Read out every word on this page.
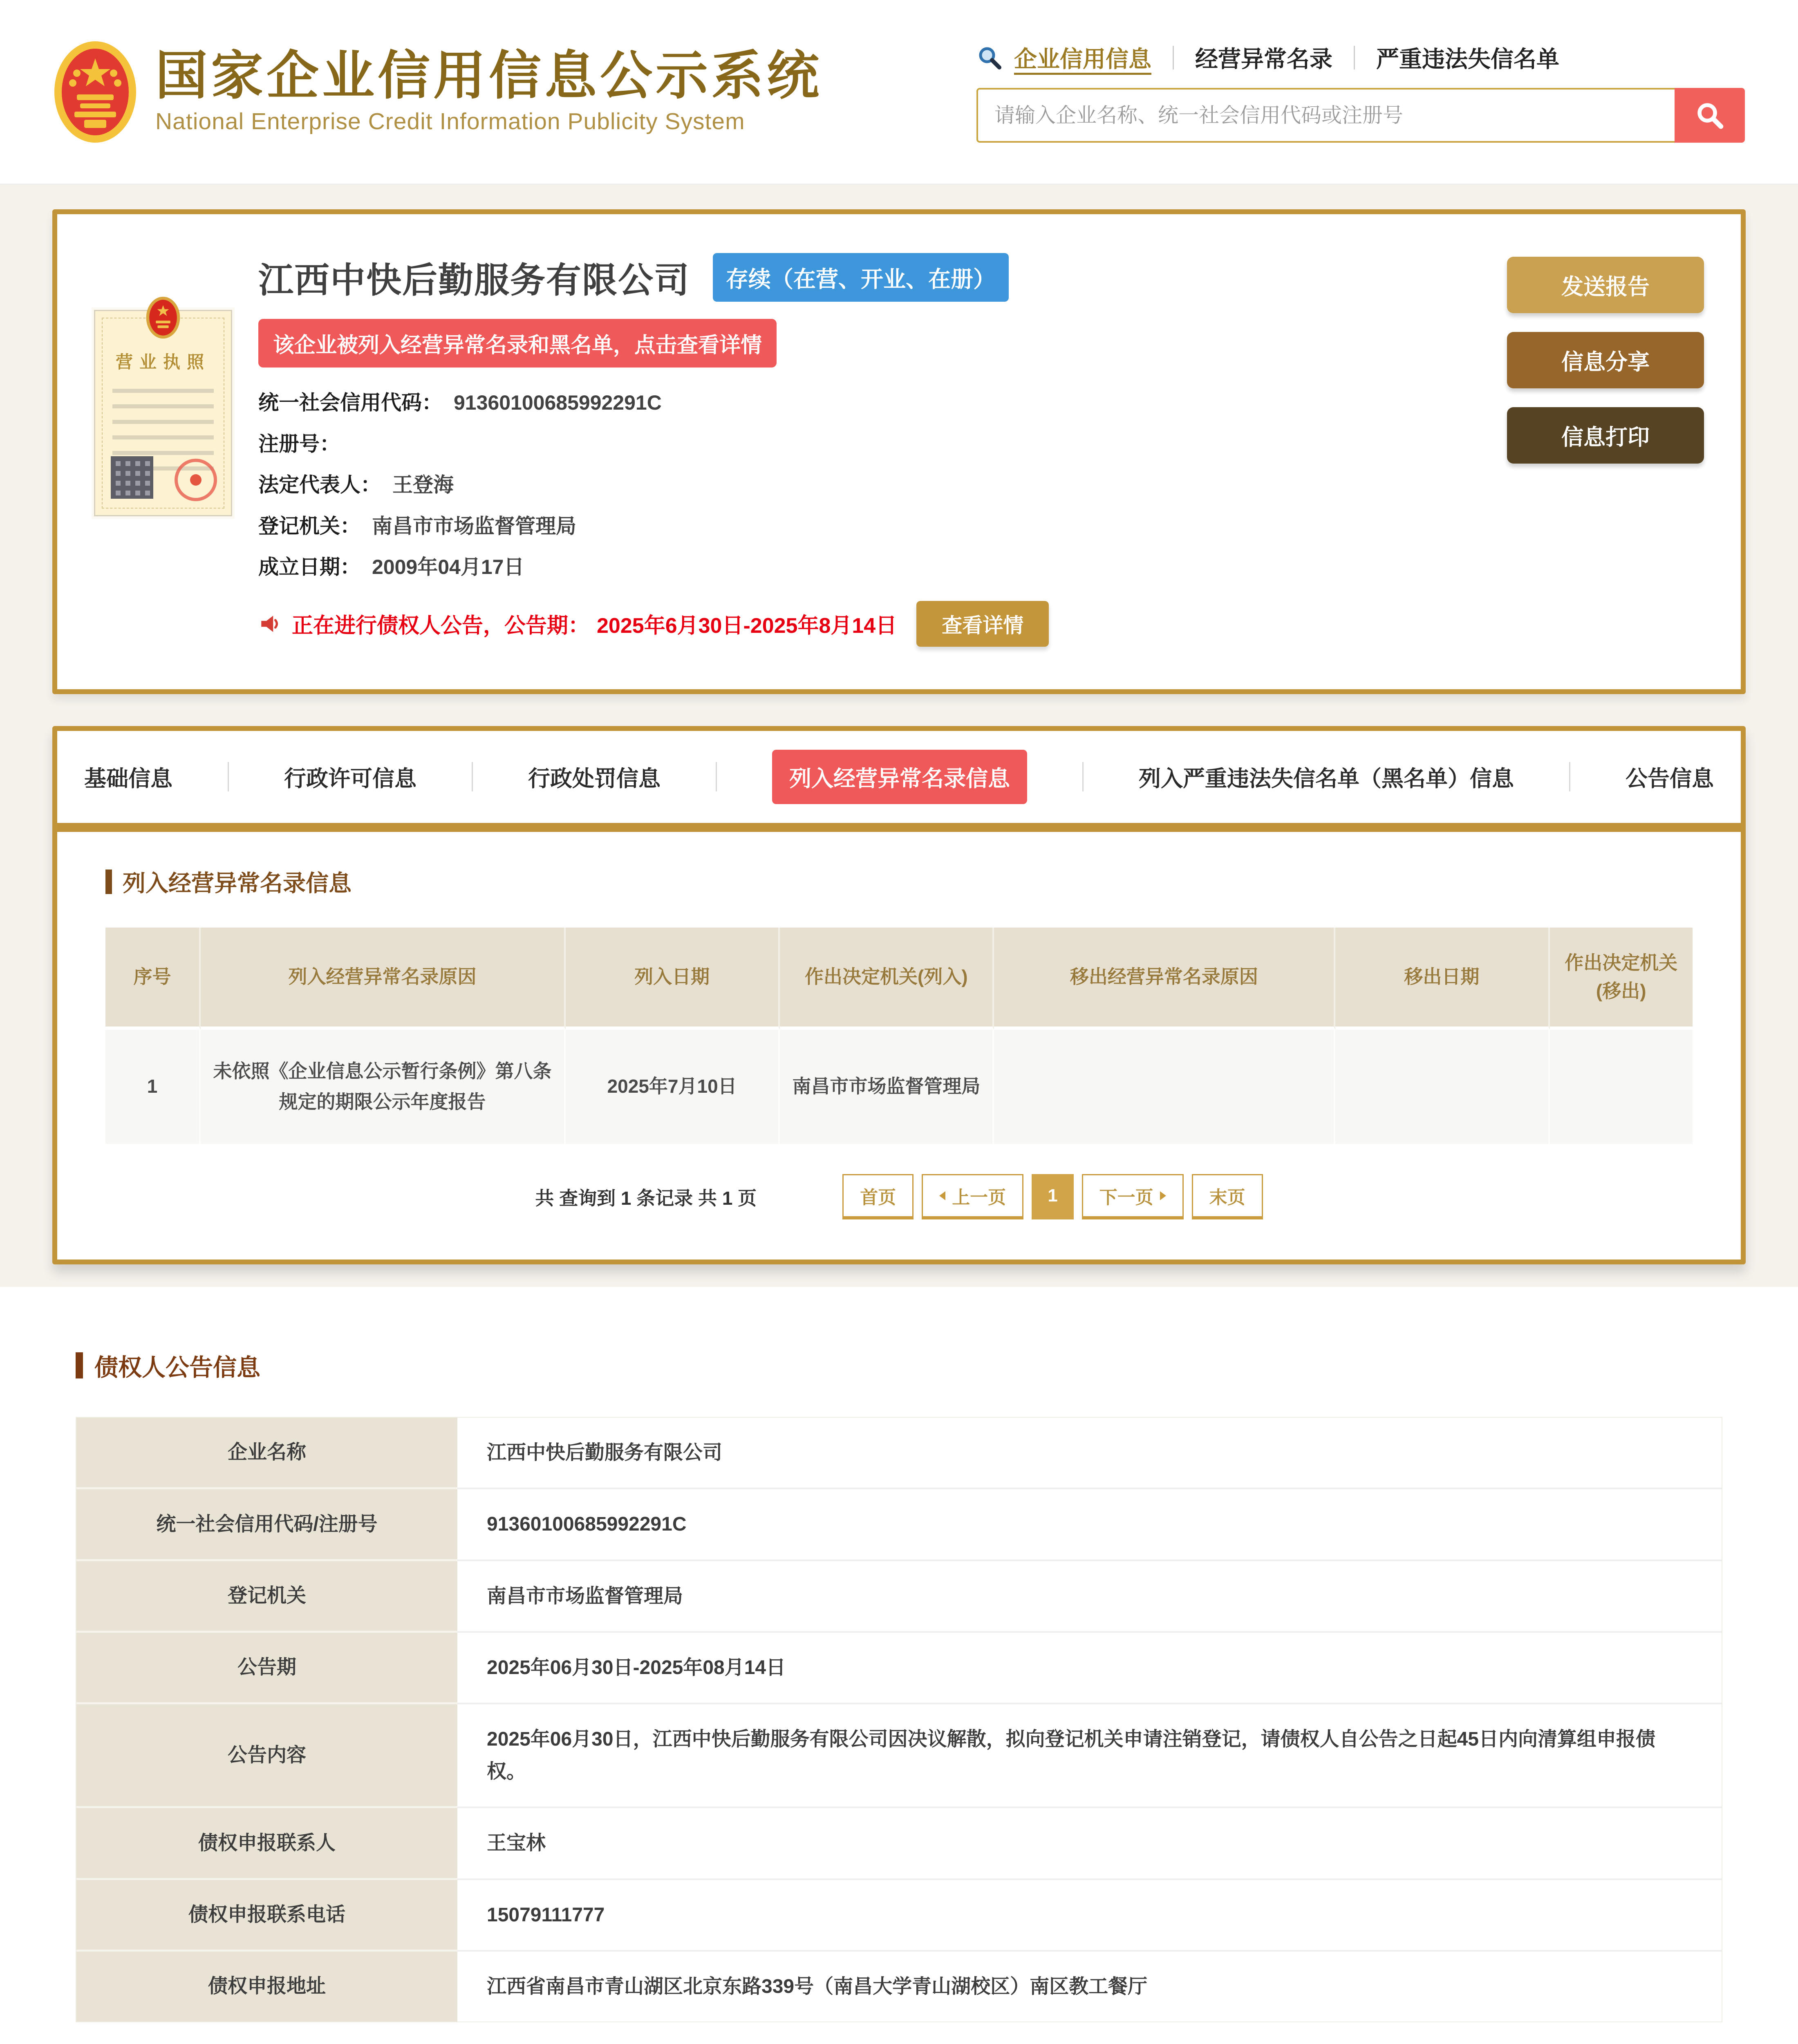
国家企业信用信息公示系统
National Enterprise Credit Information Publicity System
企业信用信息 经营异常名录 严重违法失信名单
请输入企业名称、统一社会信用代码或注册号
营业执照
江西中快后勤服务有限公司	存续（在营、开业、在册）
该企业被列入经营异常名录和黑名单，点击查看详情
统一社会信用代码： 91360100685992291C
注册号：
法定代表人： 王登海
登记机关： 南昌市市场监督管理局
成立日期： 2009年04月17日
正在进行债权人公告，公告期： 2025年6月30日-2025年8月14日	查看详情
发送报告
信息分享
信息打印
基础信息	行政许可信息	行政处罚信息	列入经营异常名录信息	列入严重违法失信名单（黑名单）信息	公告信息
列入经营异常名录信息
序号	列入经营异常名录原因	列入日期	作出决定机关(列入)	移出经营异常名录原因	移出日期	作出决定机关(移出)
1	未依照《企业信息公示暂行条例》第八条规定的期限公示年度报告	2025年7月10日	南昌市市场监督管理局			
共 查询到 1 条记录 共 1 页	首页	上一页	1	下一页	末页
债权人公告信息
企业名称	江西中快后勤服务有限公司
统一社会信用代码/注册号	91360100685992291C
登记机关	南昌市市场监督管理局
公告期	2025年06月30日-2025年08月14日
公告内容
2025年06月30日，江西中快后勤服务有限公司因决议解散，拟向登记机关申请注销登记，请债权人自公告之日起45日内向清算组申报债权。
债权申报联系人	王宝林
债权申报联系电话	15079111777
债权申报地址	江西省南昌市青山湖区北京东路339号（南昌大学青山湖校区）南区教工餐厅
